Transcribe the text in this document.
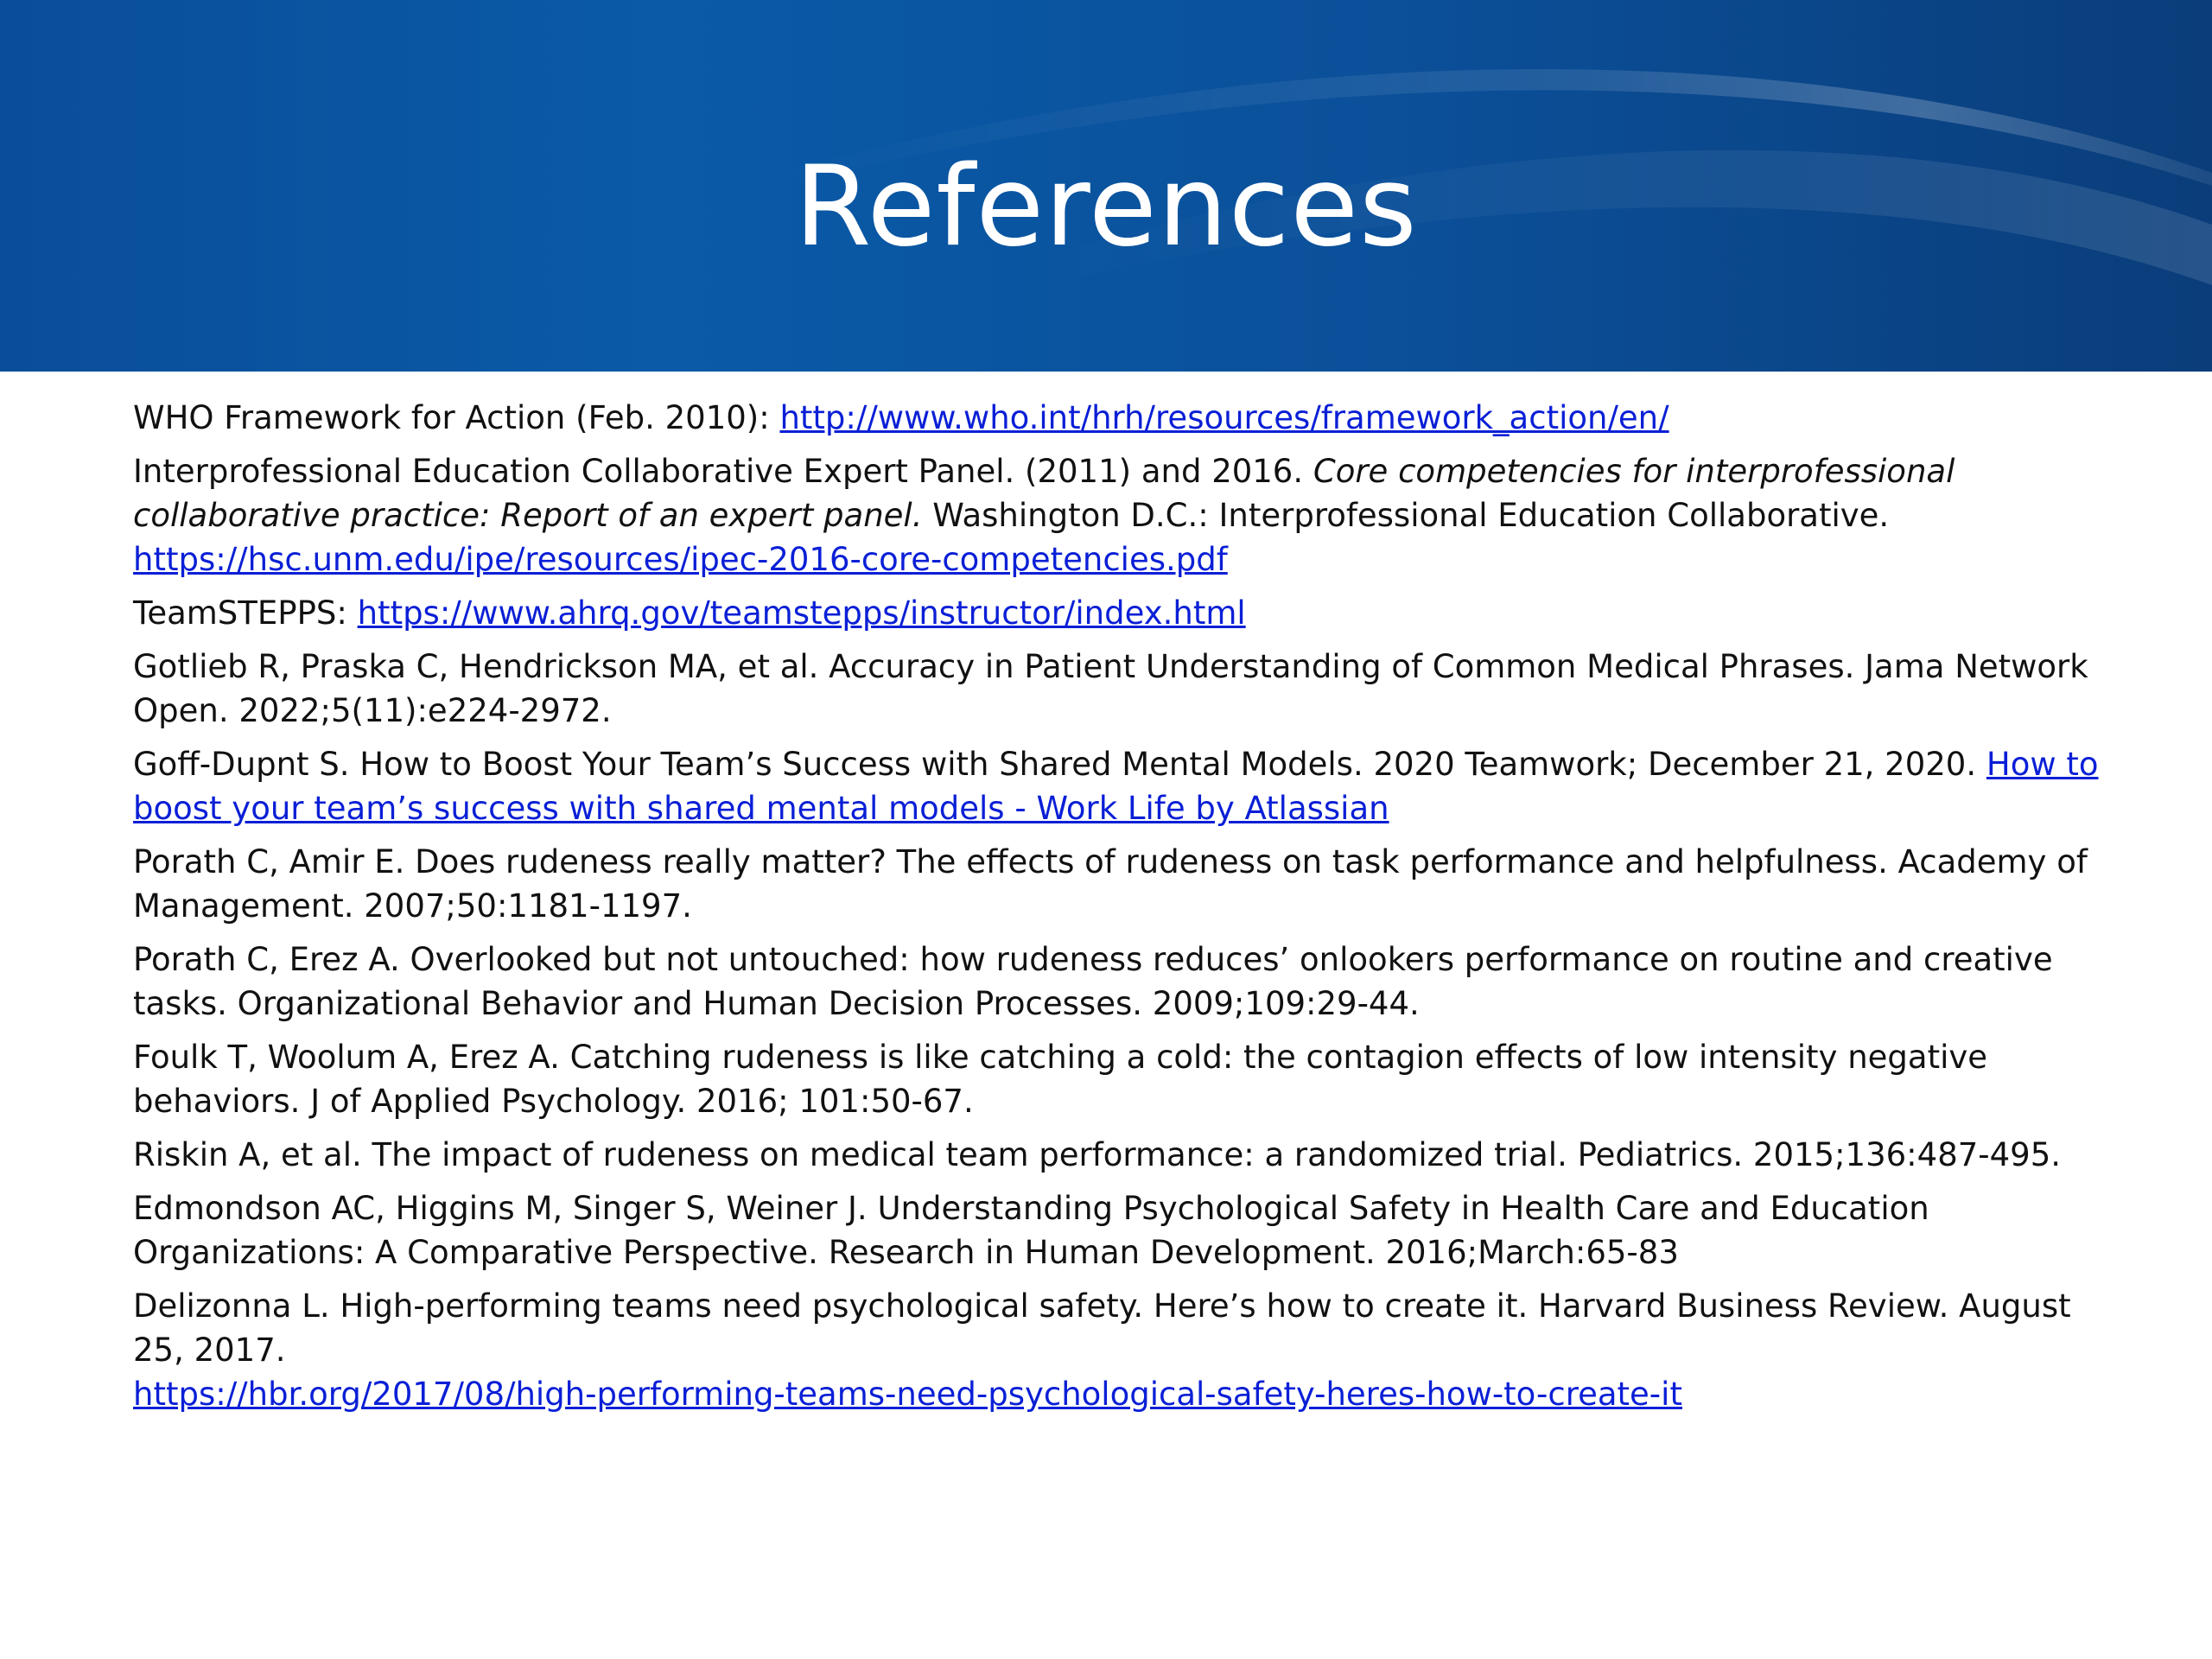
References

WHO Framework for Action (Feb. 2010): http://www.who.int/hrh/resources/framework_action/en/

Interprofessional Education Collaborative Expert Panel. (2011) and 2016. Core competencies for interprofessional collaborative practice: Report of an expert panel. Washington D.C.: Interprofessional Education Collaborative.
https://hsc.unm.edu/ipe/resources/ipec-2016-core-competencies.pdf

TeamSTEPPS: https://www.ahrq.gov/teamstepps/instructor/index.html

Gotlieb R, Praska C, Hendrickson MA, et al. Accuracy in Patient Understanding of Common Medical Phrases. Jama Network Open. 2022;5(11):e224-2972.

Goff-Dupnt S. How to Boost Your Team’s Success with Shared Mental Models. 2020 Teamwork; December 21, 2020. How to boost your team’s success with shared mental models - Work Life by Atlassian

Porath C, Amir E. Does rudeness really matter? The effects of rudeness on task performance and helpfulness. Academy of Management. 2007;50:1181-1197.

Porath C, Erez A. Overlooked but not untouched: how rudeness reduces’ onlookers performance on routine and creative tasks. Organizational Behavior and Human Decision Processes. 2009;109:29-44.

Foulk T, Woolum A, Erez A. Catching rudeness is like catching a cold: the contagion effects of low intensity negative behaviors. J of Applied Psychology. 2016; 101:50-67.

Riskin A, et al. The impact of rudeness on medical team performance: a randomized trial. Pediatrics. 2015;136:487-495.

Edmondson AC, Higgins M, Singer S, Weiner J. Understanding Psychological Safety in Health Care and Education Organizations: A Comparative Perspective. Research in Human Development. 2016;March:65-83

Delizonna L. High-performing teams need psychological safety. Here’s how to create it. Harvard Business Review. August 25, 2017.
https://hbr.org/2017/08/high-performing-teams-need-psychological-safety-heres-how-to-create-it
